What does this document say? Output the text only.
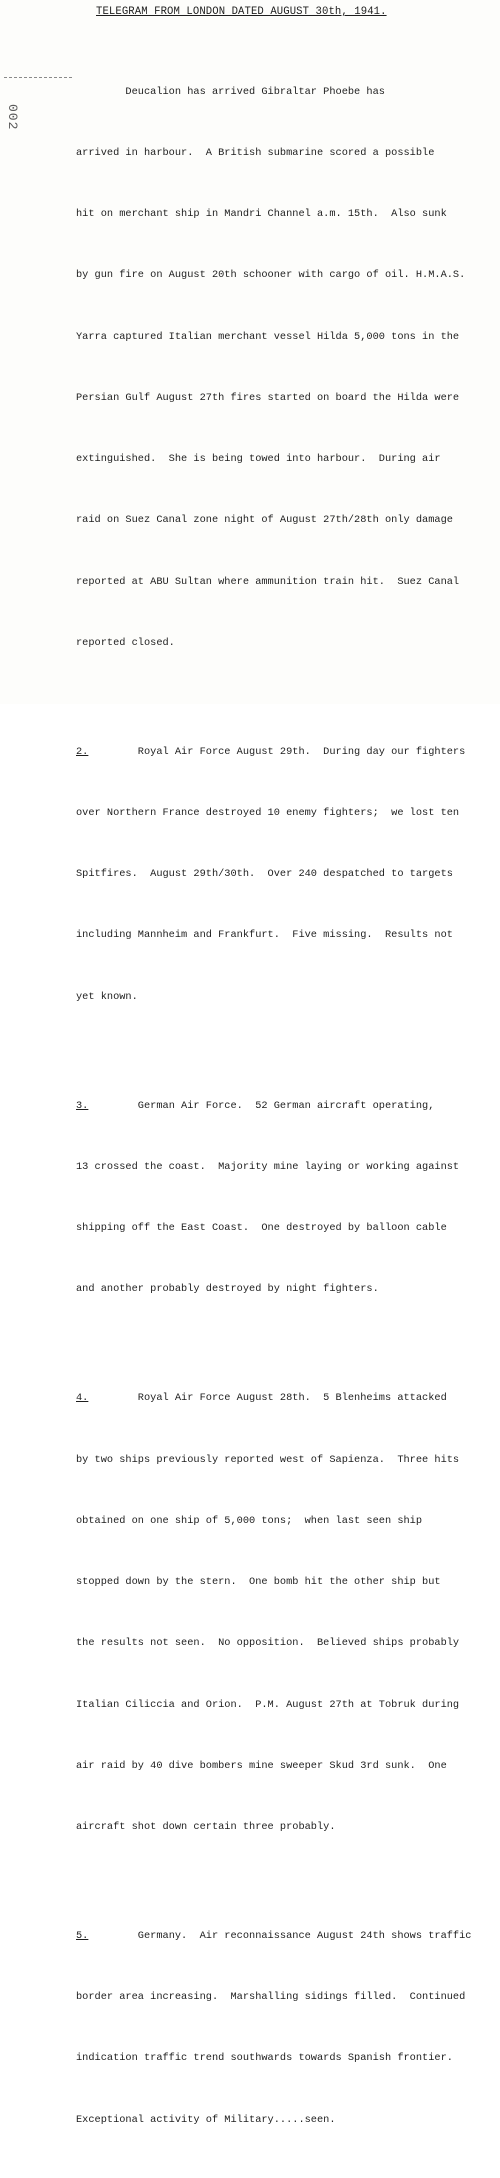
TELEGRAM FROM LONDON DATED AUGUST 30th, 1941.
002

Deucalion has arrived Gibraltar Phoebe has

arrived in harbour.  A British submarine scored a possible

hit on merchant ship in Mandri Channel a.m. 15th.  Also sunk

by gun fire on August 20th schooner with cargo of oil. H.M.A.S.

Yarra captured Italian merchant vessel Hilda 5,000 tons in the

Persian Gulf August 27th fires started on board the Hilda were

extinguished.  She is being towed into harbour.  During air

raid on Suez Canal zone night of August 27th/28th only damage

reported at ABU Sultan where ammunition train hit.  Suez Canal

reported closed.

2.        Royal Air Force August 29th.  During day our fighters

over Northern France destroyed 10 enemy fighters;  we lost ten

Spitfires.  August 29th/30th.  Over 240 despatched to targets

including Mannheim and Frankfurt.  Five missing.  Results not

yet known.

3.        German Air Force.  52 German aircraft operating,

13 crossed the coast.  Majority mine laying or working against

shipping off the East Coast.  One destroyed by balloon cable

and another probably destroyed by night fighters.

4.        Royal Air Force August 28th.  5 Blenheims attacked

by two ships previously reported west of Sapienza.  Three hits

obtained on one ship of 5,000 tons;  when last seen ship

stopped down by the stern.  One bomb hit the other ship but

the results not seen.  No opposition.  Believed ships probably

Italian Ciliccia and Orion.  P.M. August 27th at Tobruk during

air raid by 40 dive bombers mine sweeper Skud 3rd sunk.  One

aircraft shot down certain three probably.

5.        Germany.  Air reconnaissance August 24th shows traffic

border area increasing.  Marshalling sidings filled.  Continued

indication traffic trend southwards towards Spanish frontier.

Exceptional activity of Military.....seen.
